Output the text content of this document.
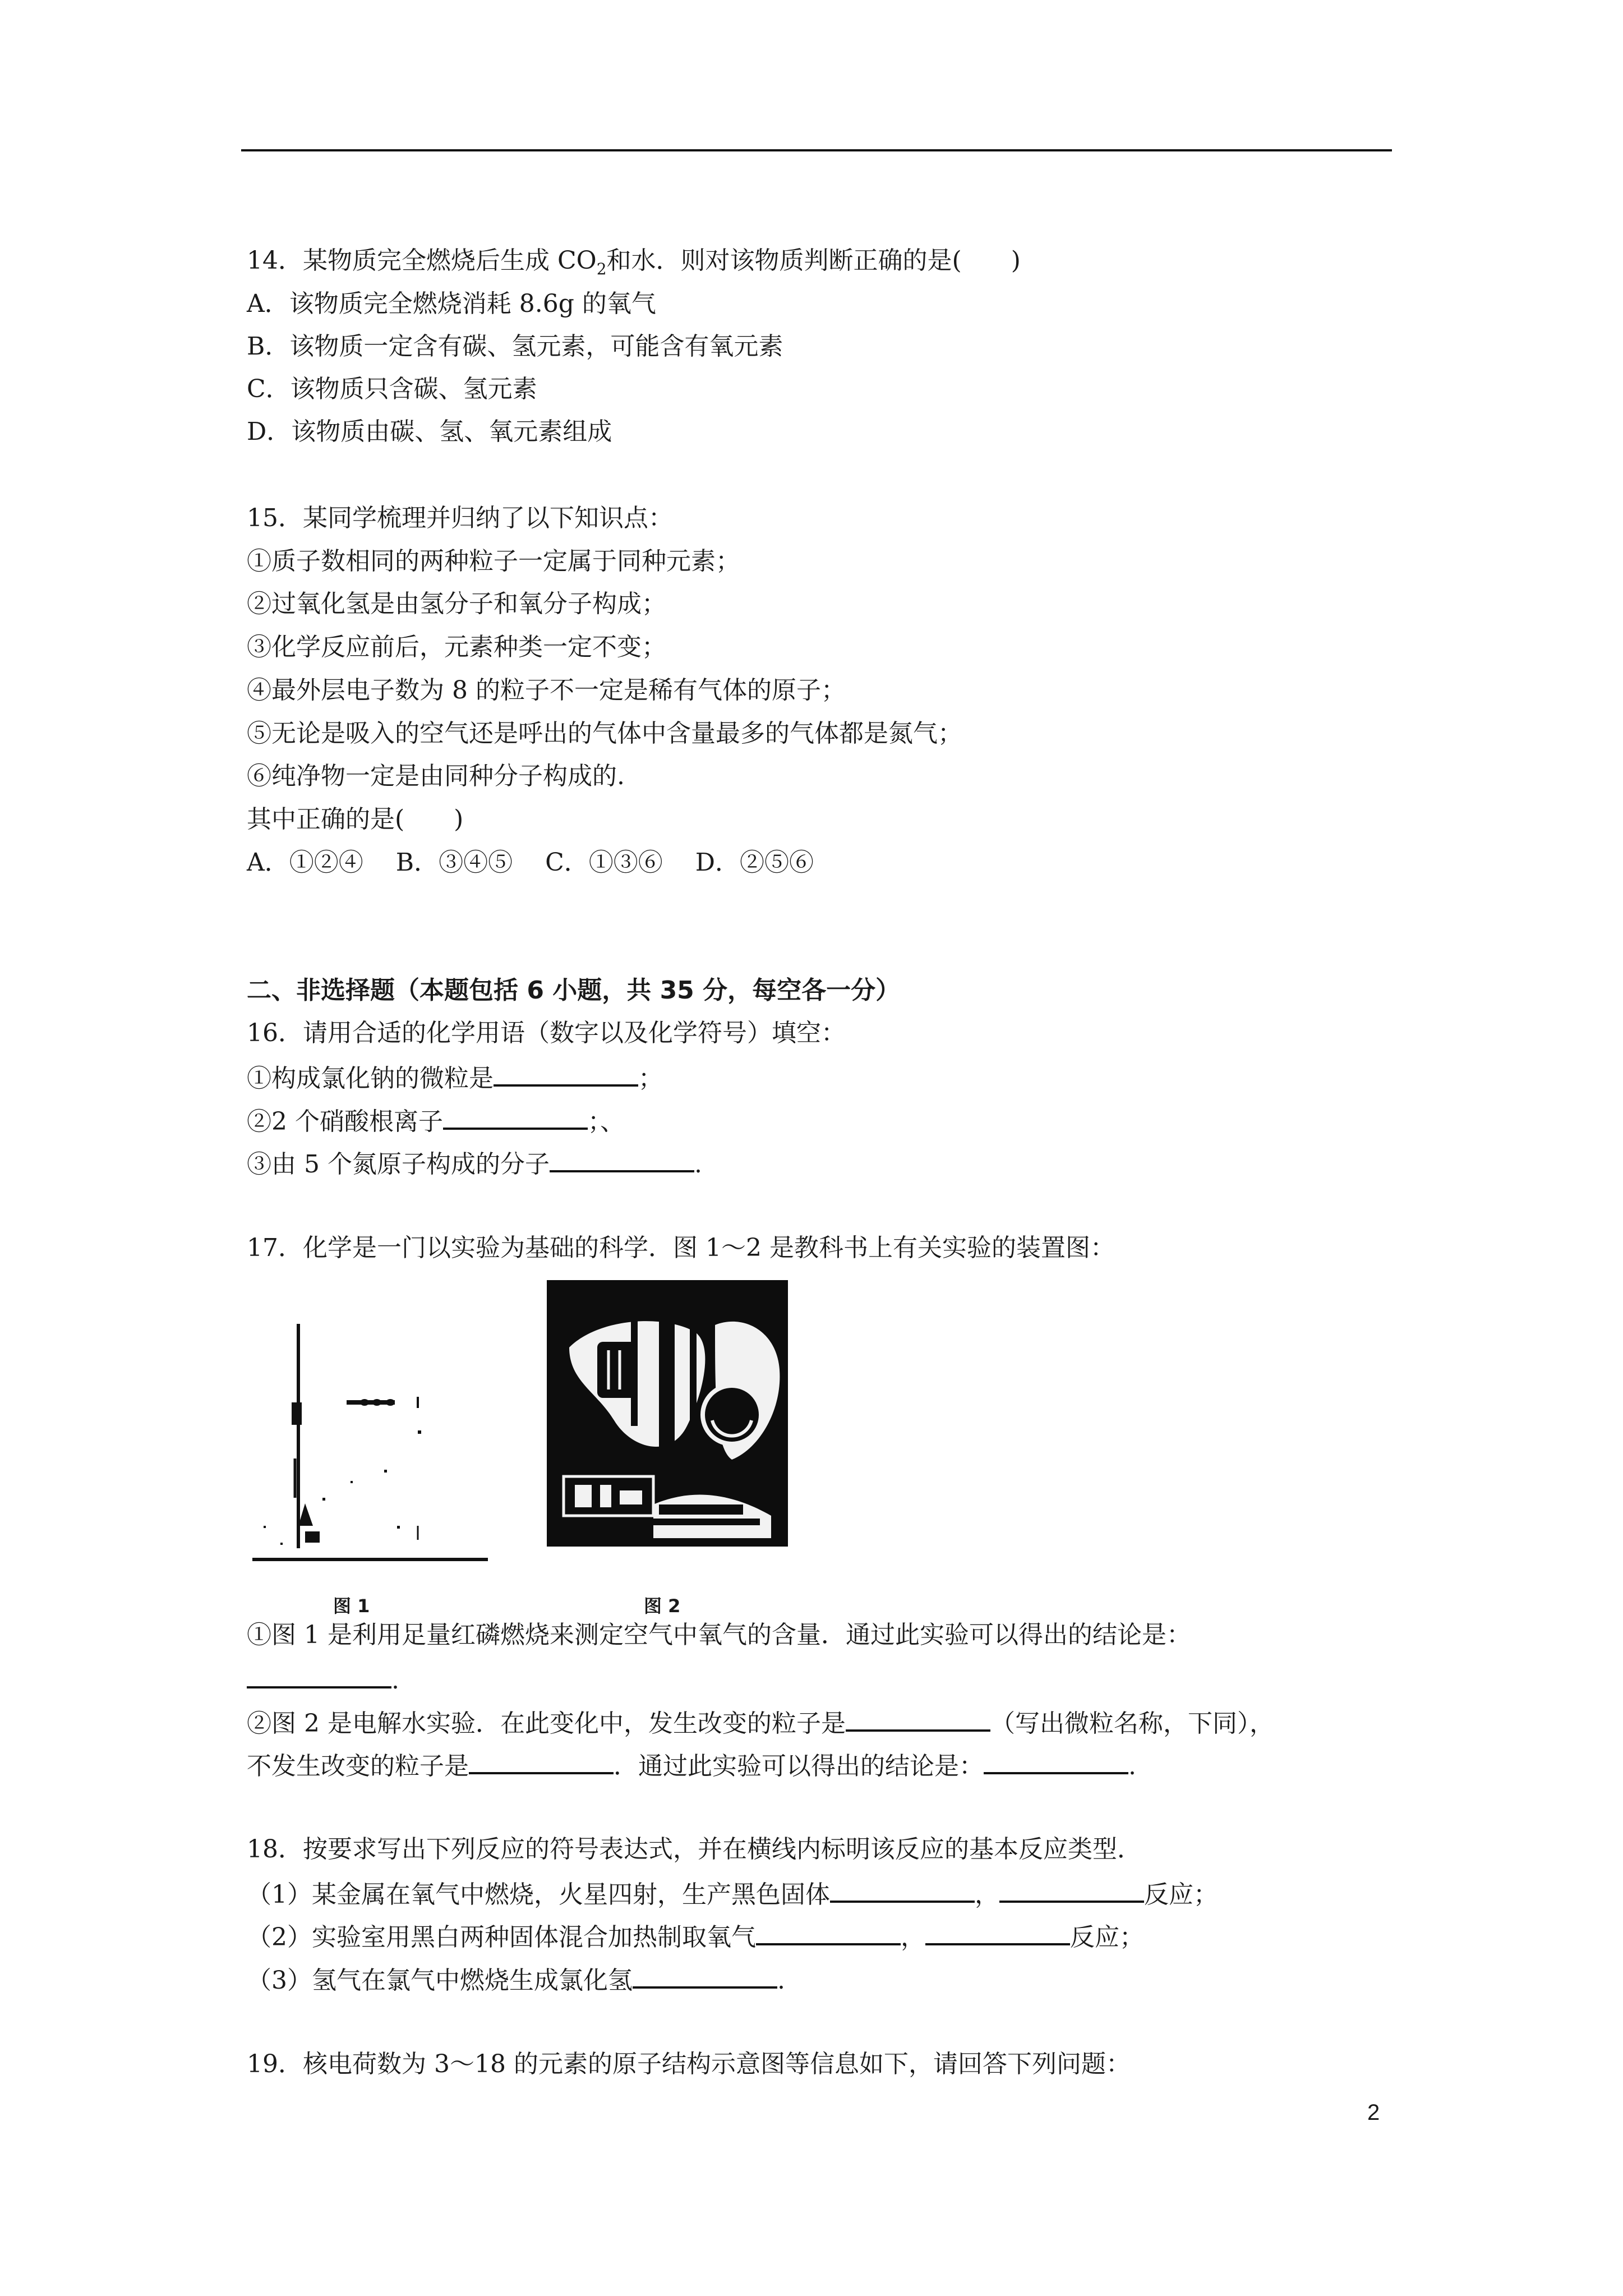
14．某物质完全燃烧后生成 $CO_2$和水．则对该物质判断正确的是(　　)
A．该物质完全燃烧消耗 8.6g 的氧气
B．该物质一定含有碳、氢元素，可能含有氧元素
C．该物质只含碳、氢元素
D．该物质由碳、氢、氧元素组成
15．某同学梳理并归纳了以下知识点：
①质子数相同的两种粒子一定属于同种元素；
②过氧化氢是由氢分子和氧分子构成；
③化学反应前后，元素种类一定不变；
④最外层电子数为 8 的粒子不一定是稀有气体的原子；
⑤无论是吸入的空气还是呼出的气体中含量最多的气体都是氮气；
⑥纯净物一定是由同种分子构成的.
其中正确的是(　　)
A．①②④　 B．③④⑤　 C．①③⑥　 D．②⑤⑥
二、非选择题（本题包括 6 小题，共 35 分，每空各一分）
16．请用合适的化学用语（数字以及化学符号）填空：
①构成氯化钠的微粒是	；
②2 个硝酸根离子	；、
③由 5 个氮原子构成的分子	.
17．化学是一门以实验为基础的科学．图 1～2 是教科书上有关实验的装置图：
图 1	图 2
①图 1 是利用足量红磷燃烧来测定空气中氧气的含量．通过此实验可以得出的结论是：
.
②图 2 是电解水实验．在此变化中，发生改变的粒子是	（写出微粒名称，下同），
不发生改变的粒子是	．通过此实验可以得出的结论是：	.
18．按要求写出下列反应的符号表达式，并在横线内标明该反应的基本反应类型．
（1）某金属在氧气中燃烧，火星四射，生产黑色固体	，	反应；
（2）实验室用黑白两种固体混合加热制取氧气	，	反应；
（3）氢气在氯气中燃烧生成氯化氢	.
19．核电荷数为 3～18 的元素的原子结构示意图等信息如下，请回答下列问题：
2
